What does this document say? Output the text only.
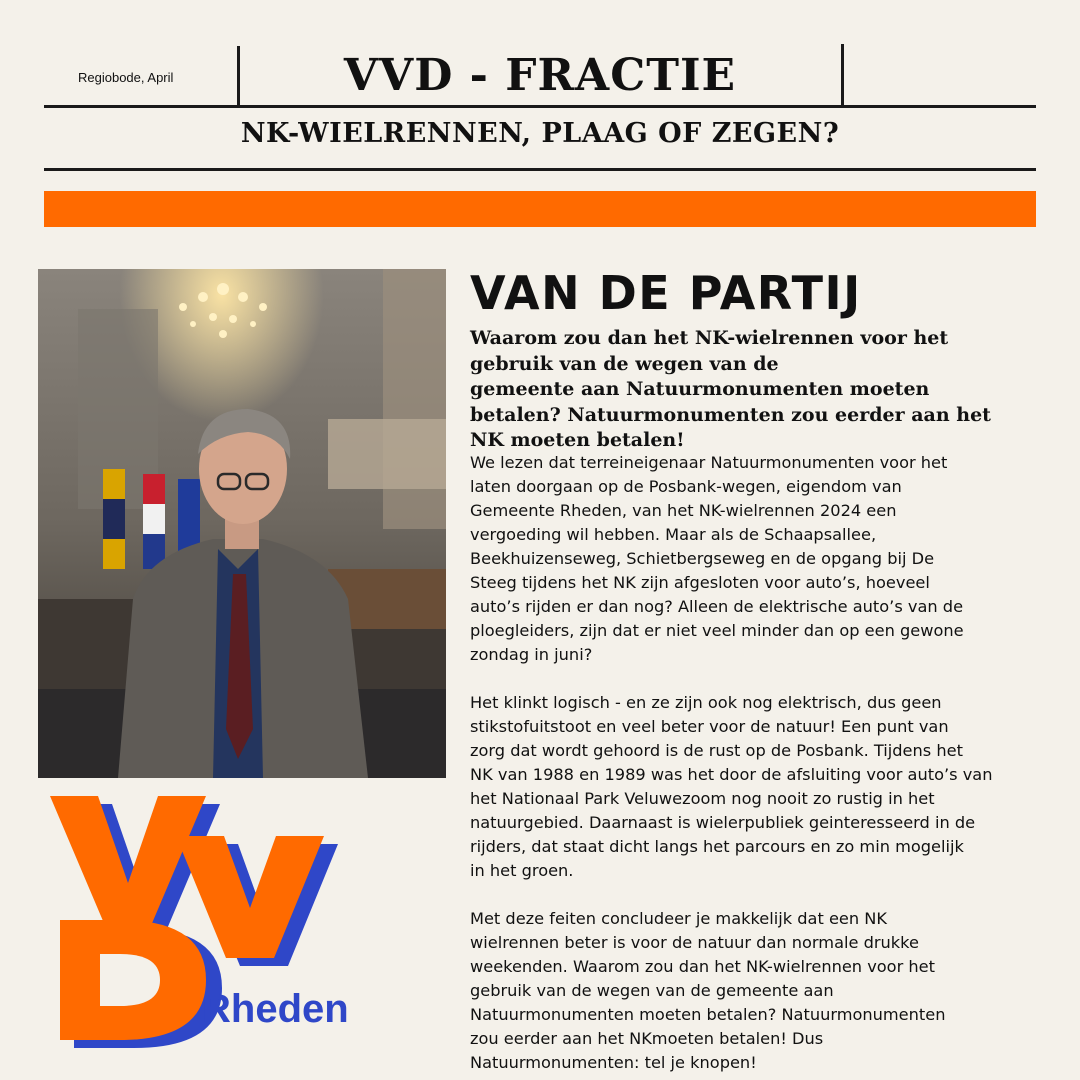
Regiobode, April	VVD - FRACTIE
NK-WIELRENNEN, PLAAG OF ZEGEN?
VAN DE PARTIJ
Waarom zou dan het NK-wielrennen voor het
gebruik van de wegen van de
gemeente aan Natuurmonumenten moeten
betalen? Natuurmonumenten zou eerder aan het
NK moeten betalen!
We lezen dat terreineigenaar Natuurmonumenten voor het
laten doorgaan op de Posbank-wegen, eigendom van
Gemeente Rheden, van het NK-wielrennen 2024 een
vergoeding wil hebben. Maar als de Schaapsallee,
Beekhuizenseweg, Schietbergseweg en de opgang bij De
Steeg tijdens het NK zijn afgesloten voor auto’s, hoeveel
auto’s rijden er dan nog? Alleen de elektrische auto’s van de
ploegleiders, zijn dat er niet veel minder dan op een gewone
zondag in juni?

Het klinkt logisch - en ze zijn ook nog elektrisch, dus geen
stikstofuitstoot en veel beter voor de natuur! Een punt van
zorg dat wordt gehoord is de rust op de Posbank. Tijdens het
NK van 1988 en 1989 was het door de afsluiting voor auto’s van
het Nationaal Park Veluwezoom nog nooit zo rustig in het
natuurgebied. Daarnaast is wielerpubliek geinteresseerd in de
rijders, dat staat dicht langs het parcours en zo min mogelijk
in het groen.

Met deze feiten concludeer je makkelijk dat een NK
wielrennen beter is voor de natuur dan normale drukke
weekenden. Waarom zou dan het NK-wielrennen voor het
gebruik van de wegen van de gemeente aan
Natuurmonumenten moeten betalen? Natuurmonumenten
zou eerder aan het NKmoeten betalen! Dus
Natuurmonumenten: tel je knopen!
Rheden
